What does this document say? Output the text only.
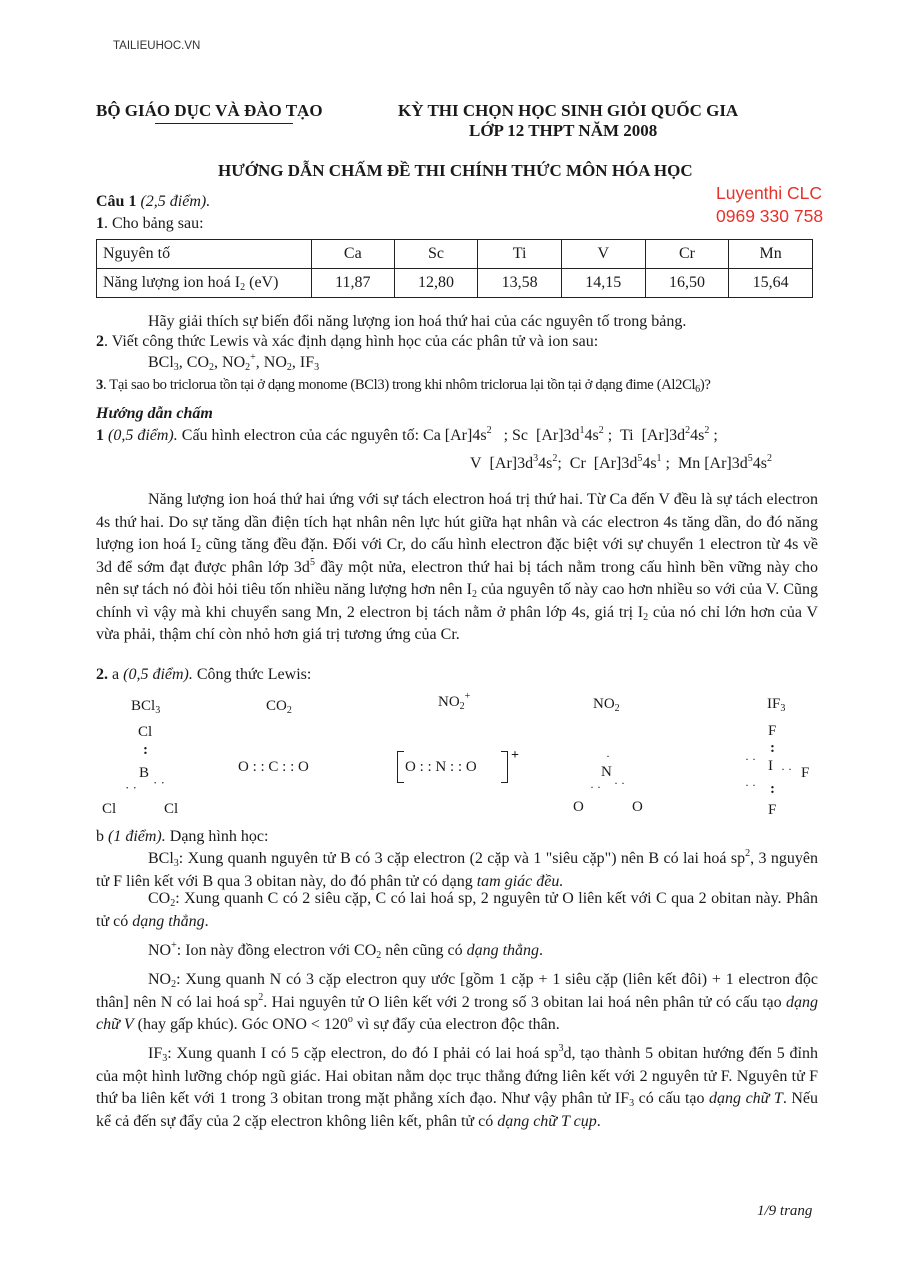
TAILIEUHOC.VN
BỘ GIÁO DỤC VÀ ĐÀO TẠO	KỲ THI CHỌN HỌC SINH GIỎI QUỐC GIA
LỚP 12 THPT NĂM 2008
HƯỚNG DẪN CHẤM ĐỀ THI CHÍNH THỨC MÔN HÓA HỌC
Luyenthi CLC
0969 330 758
Câu 1 (2,5 điểm).
1. Cho bảng sau:
Nguyên tố	Ca	Sc	Ti	V	Cr	Mn
Năng lượng ion hoá $I_2$ (eV)	11,87	12,80	13,58	14,15	16,50	15,64
Hãy giải thích sự biến đổi năng lượng ion hoá thứ hai của các nguyên tố trong bảng.
2. Viết công thức Lewis và xác định dạng hình học của các phân tử và ion sau:
BCl$_3$, $CO_2$, $NO_2^+$, $NO_2$, $IF_3$
3. Tại sao bo triclorua tồn tại ở dạng monome (BCl3) trong khi nhôm triclorua lại tồn tại ở dạng đime $(Al2Cl_6)$?
Hướng dẫn chấm
1 (0,5 điểm). Cấu hình electron của các nguyên tố: Ca $[Ar]4s^2$   ; Sc  $[Ar]3d^14s^2$ ;  Ti  $[Ar]3d^24s^2$ ;
V  $[Ar]3d^34s^2$;  Cr  $[Ar]3d^54s^1$ ;  Mn $[Ar]3d^54s^2$
Năng lượng ion hoá thứ hai ứng với sự tách electron hoá trị thứ hai. Từ Ca đến V đều là sự tách electron 4s thứ hai. Do sự tăng dần điện tích hạt nhân nên lực hút giữa hạt nhân và các electron 4s tăng dần, do đó năng lượng ion hoá $I_2$ cũng tăng đều đặn. Đối với Cr, do cấu hình electron đặc biệt với sự chuyển 1 electron từ 4s về 3d để sớm đạt được phân lớp $3d^5$ đầy một nửa, electron thứ hai bị tách nằm trong cấu hình bền vững này cho nên sự tách nó đòi hỏi tiêu tốn nhiều năng lượng hơn nên $I_2$ của nguyên tố này cao hơn nhiều so với của V. Cũng chính vì vậy mà khi chuyển sang Mn, 2 electron bị tách nằm ở phân lớp 4s, giá trị $I_2$ của nó chỉ lớn hơn của V vừa phải, thậm chí còn nhỏ hơn giá trị tương ứng của Cr.
2. a (0,5 điểm). Công thức Lewis:
BCl$_3$	$CO_2$
$NO_2^+$	$NO_2$	$IF_3$
Cl
:
B
· · · ·
Cl	Cl
O : : C : : O	O : : N : : O
+	·
N
· · · ·
O	O
F
:
· · I · · F
· · :
F
b (1 điểm). Dạng hình học:
BCl$_3$: Xung quanh nguyên tử B có 3 cặp electron (2 cặp và 1 "siêu cặp") nên B có lai hoá $sp^2$, 3 nguyên tử F liên kết với B qua 3 obitan này, do đó phân tử có dạng tam giác đều.
$CO_2$: Xung quanh C có 2 siêu cặp, C có lai hoá sp, 2 nguyên tử O liên kết với C qua 2 obitan này. Phân tử có dạng thẳng.
NO+: Ion này đồng electron với $CO_2$ nên cũng có dạng thẳng.
$NO_2$: Xung quanh N có 3 cặp electron quy ước [gồm 1 cặp + 1 siêu cặp (liên kết đôi) + 1 electron độc thân] nên N có lai hoá $sp^2$. Hai nguyên tử O liên kết với 2 trong số 3 obitan lai hoá nên phân tử có cấu tạo dạng chữ V (hay gấp khúc). Góc ONO < $120^o$ vì sự đẩy của electron độc thân.
$IF_3$: Xung quanh I có 5 cặp electron, do đó I phải có lai hoá $sp^3d$, tạo thành 5 obitan hướng đến 5 đỉnh của một hình lưỡng chóp ngũ giác. Hai obitan nằm dọc trục thẳng đứng liên kết với 2 nguyên tử F. Nguyên tử F thứ ba liên kết với 1 trong 3 obitan trong mặt phẳng xích đạo. Như vậy phân tử $IF_3$ có cấu tạo dạng chữ T. Nếu kể cả đến sự đẩy của 2 cặp electron không liên kết, phân tử có dạng chữ T cụp.
1/9 trang
